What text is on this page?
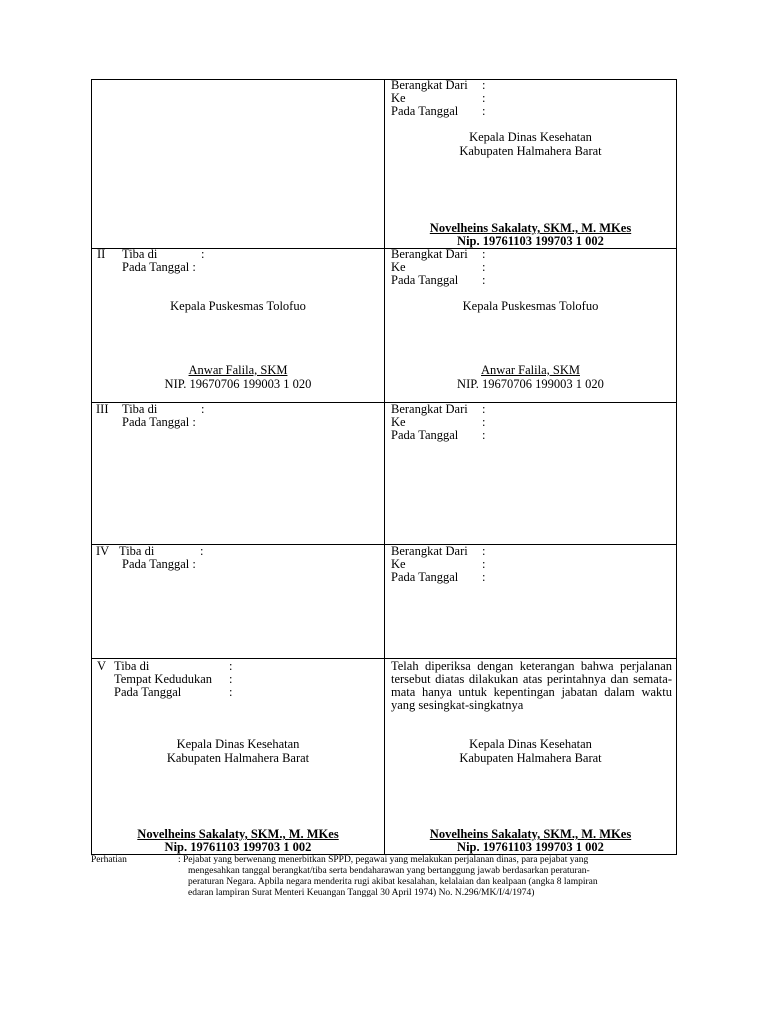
Berangkat Dari :
Ke	:
Pada Tanggal :
Kepala Dinas Kesehatan
Kabupaten Halmahera Barat
Novelheins Sakalaty, SKM., M. MKes
Nip. 19761103 199703 1 002
II Tiba di	:
Pada Tanggal :
Kepala Puskesmas Tolofuo
Anwar Falila, SKM
NIP. 19670706 199003 1 020
Berangkat Dari :
Ke	:
Pada Tanggal :
Kepala Puskesmas Tolofuo
Anwar Falila, SKM
NIP. 19670706 199003 1 020
III Tiba di	:
Pada Tanggal :
Berangkat Dari :
Ke	:
Pada Tanggal :
IV Tiba di	:
Pada Tanggal :
Berangkat Dari :
Ke	:
Pada Tanggal :
V Tiba di	:
Tempat Kedudukan :
Pada Tanggal	:
Kepala Dinas Kesehatan
Kabupaten Halmahera Barat
Novelheins Sakalaty, SKM., M. MKes
Nip. 19761103 199703 1 002
Telah diperiksa dengan keterangan bahwa perjalanan tersebut diatas dilakukan atas perintahnya dan semata-mata hanya untuk kepentingan jabatan dalam waktu yang sesingkat-singkatnya
Kepala Dinas Kesehatan
Kabupaten Halmahera Barat
Novelheins Sakalaty, SKM., M. MKes
Nip. 19761103 199703 1 002
Perhatian	: Pejabat yang berwenang menerbitkan SPPD, pegawai yang melakukan perjalanan dinas, para pejabat yang
mengesahkan tanggal berangkat/tiba serta bendaharawan yang bertanggung jawab berdasarkan peraturan-
peraturan Negara. Apbila negara menderita rugi akibat kesalahan, kelalaian dan kealpaan (angka 8 lampiran
edaran lampiran Surat Menteri Keuangan Tanggal 30 April 1974) No. N.296/MK/I/4/1974)
